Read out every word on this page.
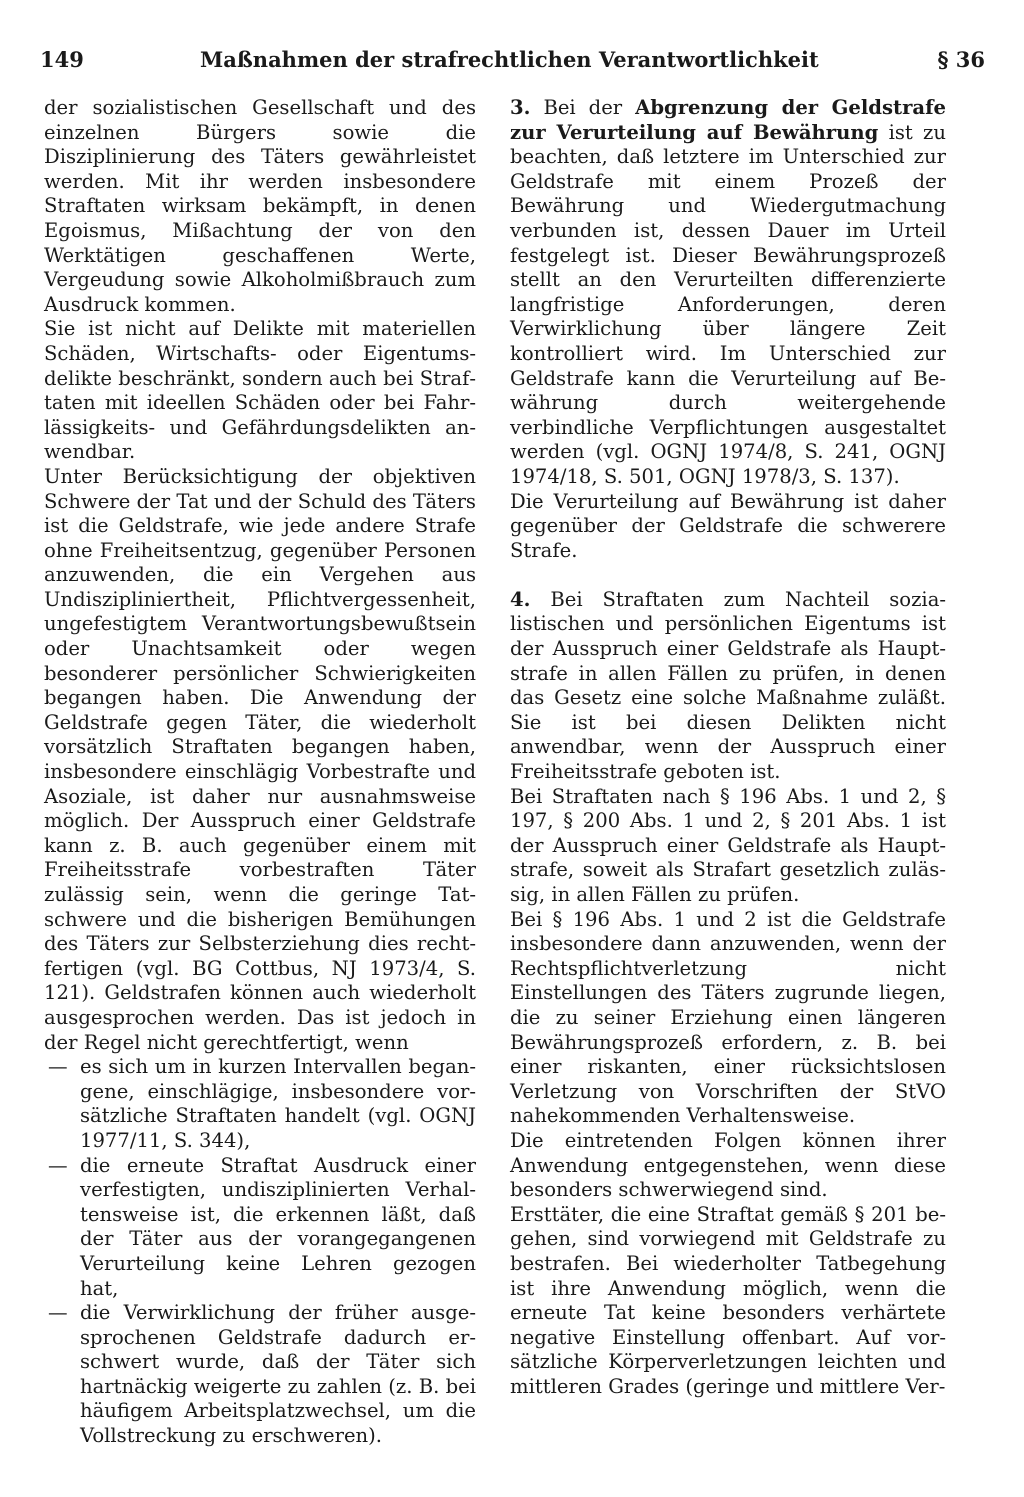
149	Maßnahmen der strafrechtlichen Verantwortlichkeit	§ 36

der sozialistischen Gesellschaft und des einzelnen Bürgers sowie die Disziplinierung des Täters gewährleistet werden. Mit ihr werden insbesondere Straftaten wirksam bekämpft, in denen Egoismus, Mißachtung der von den Werktätigen geschaffenen Werte, Vergeudung sowie Alkoholmißbrauch zum Ausdruck kommen.

Sie ist nicht auf Delikte mit materiellen Schäden, Wirtschafts- oder Eigentumsdelikte beschränkt, sondern auch bei Straftaten mit ideellen Schäden oder bei Fahrlässigkeits- und Gefährdungsdelikten anwendbar.

Unter Berücksichtigung der objektiven Schwere der Tat und der Schuld des Täters ist die Geldstrafe, wie jede andere Strafe ohne Freiheitsentzug, gegenüber Personen anzuwenden, die ein Vergehen aus Undiszipliniertheit, Pflichtvergessenheit, ungefestigtem Verantwortungsbewußtsein oder Unachtsamkeit oder wegen besonderer persönlicher Schwierigkeiten begangen haben. Die Anwendung der Geldstrafe gegen Täter, die wiederholt vorsätzlich Straftaten begangen haben, insbesondere einschlägig Vorbestrafte und Asoziale, ist daher nur ausnahmsweise möglich. Der Ausspruch einer Geldstrafe kann z. B. auch gegenüber einem mit Freiheitsstrafe vorbestraften Täter zulässig sein, wenn die geringe Tatschwere und die bisherigen Bemühungen des Täters zur Selbsterziehung dies rechtfertigen (vgl. BG Cottbus, NJ 1973/4, S. 121). Geldstrafen können auch wiederholt ausgesprochen werden. Das ist jedoch in der Regel nicht gerechtfertigt, wenn

— es sich um in kurzen Intervallen begangene, einschlägige, insbesondere vorsätzliche Straftaten handelt (vgl. OGNJ 1977/11, S. 344),

— die erneute Straftat Ausdruck einer verfestigten, undisziplinierten Verhaltensweise ist, die erkennen läßt, daß der Täter aus der vorangegangenen Verurteilung keine Lehren gezogen hat,

— die Verwirklichung der früher ausgesprochenen Geldstrafe dadurch erschwert wurde, daß der Täter sich hartnäckig weigerte zu zahlen (z. B. bei häufigem Arbeitsplatzwechsel, um die Vollstreckung zu erschweren).

3. Bei der Abgrenzung der Geldstrafe zur Verurteilung auf Bewährung ist zu beachten, daß letztere im Unterschied zur Geldstrafe mit einem Prozeß der Bewährung und Wiedergutmachung verbunden ist, dessen Dauer im Urteil festgelegt ist. Dieser Bewährungsprozeß stellt an den Verurteilten differenzierte langfristige Anforderungen, deren Verwirklichung über längere Zeit kontrolliert wird. Im Unterschied zur Geldstrafe kann die Verurteilung auf Bewährung durch weitergehende verbindliche Verpflichtungen ausgestaltet werden (vgl. OGNJ 1974/8, S. 241, OGNJ 1974/18, S. 501, OGNJ 1978/3, S. 137).

Die Verurteilung auf Bewährung ist daher gegenüber der Geldstrafe die schwerere Strafe.

4. Bei Straftaten zum Nachteil sozialistischen und persönlichen Eigentums ist der Ausspruch einer Geldstrafe als Hauptstrafe in allen Fällen zu prüfen, in denen das Gesetz eine solche Maßnahme zuläßt. Sie ist bei diesen Delikten nicht anwendbar, wenn der Ausspruch einer Freiheitsstrafe geboten ist.

Bei Straftaten nach § 196 Abs. 1 und 2, § 197, § 200 Abs. 1 und 2, § 201 Abs. 1 ist der Ausspruch einer Geldstrafe als Hauptstrafe, soweit als Strafart gesetzlich zulässig, in allen Fällen zu prüfen.

Bei § 196 Abs. 1 und 2 ist die Geldstrafe insbesondere dann anzuwenden, wenn der Rechtspflichtverletzung nicht Einstellungen des Täters zugrunde liegen, die zu seiner Erziehung einen längeren Bewährungsprozeß erfordern, z. B. bei einer riskanten, einer rücksichtslosen Verletzung von Vorschriften der StVO nahekommenden Verhaltensweise.

Die eintretenden Folgen können ihrer Anwendung entgegenstehen, wenn diese besonders schwerwiegend sind.

Ersttäter, die eine Straftat gemäß § 201 begehen, sind vorwiegend mit Geldstrafe zu bestrafen. Bei wiederholter Tatbegehung ist ihre Anwendung möglich, wenn die erneute Tat keine besonders verhärtete negative Einstellung offenbart. Auf vorsätzliche Körperverletzungen leichten und mittleren Grades (geringe und mittlere Ver-
